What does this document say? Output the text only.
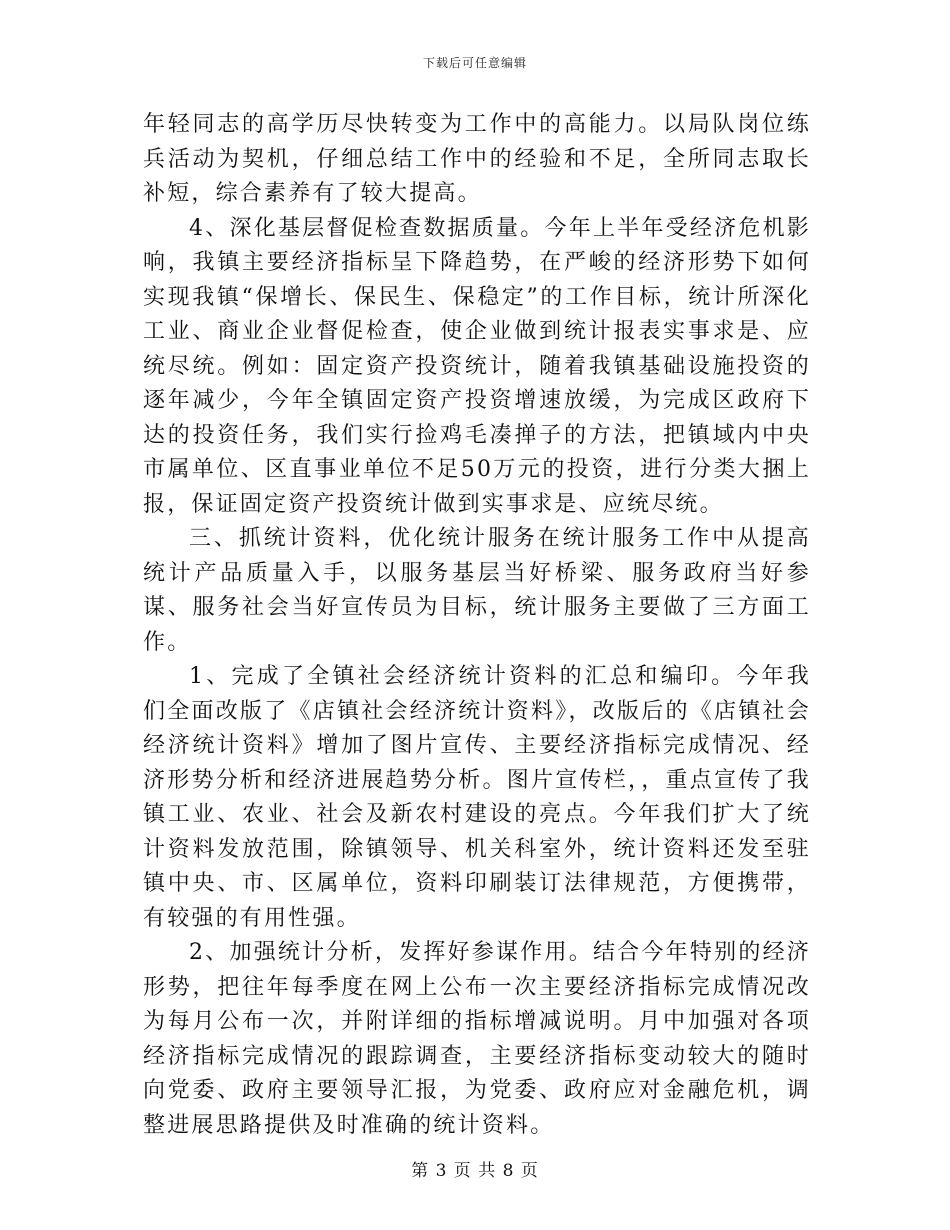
下载后可任意编辑

年轻同志的高学历尽快转变为工作中的高能力。以局队岗位练兵活动为契机，仔细总结工作中的经验和不足，全所同志取长补短，综合素养有了较大提高。

4、深化基层督促检查数据质量。今年上半年受经济危机影响，我镇主要经济指标呈下降趋势，在严峻的经济形势下如何实现我镇“保增长、保民生、保稳定”的工作目标，统计所深化工业、商业企业督促检查，使企业做到统计报表实事求是、应统尽统。例如：固定资产投资统计，随着我镇基础设施投资的逐年减少，今年全镇固定资产投资增速放缓，为完成区政府下达的投资任务，我们实行捡鸡毛凑掸子的方法，把镇域内中央市属单位、区直事业单位不足50万元的投资，进行分类大捆上报，保证固定资产投资统计做到实事求是、应统尽统。

三、抓统计资料，优化统计服务在统计服务工作中从提高统计产品质量入手，以服务基层当好桥梁、服务政府当好参谋、服务社会当好宣传员为目标，统计服务主要做了三方面工作。

1、完成了全镇社会经济统计资料的汇总和编印。今年我 们全面改版了《店镇社会经济统计资料》，改版后的《店镇社会经济统计资料》增加了图片宣传、主要经济指标完成情况、经济形势分析和经济进展趋势分析。图片宣传栏，，重点宣传了我镇工业、农业、社会及新农村建设的亮点。今年我们扩大了统计资料发放范围，除镇领导、机关科室外，统计资料还发至驻镇中央、市、区属单位，资料印刷装订法律规范，方便携带，有较强的有用性强。

2、加强统计分析，发挥好参谋作用。结合今年特别的经济形势，把往年每季度在网上公布一次主要经济指标完成情况改为每月公布一次，并附详细的指标增减说明。月中加强对各项经济指标完成情况的跟踪调查，主要经济指标变动较大的随时向党委、政府主要领导汇报，为党委、政府应对金融危机，调整进展思路提供及时准确的统计资料。

第 3 页 共 8 页
